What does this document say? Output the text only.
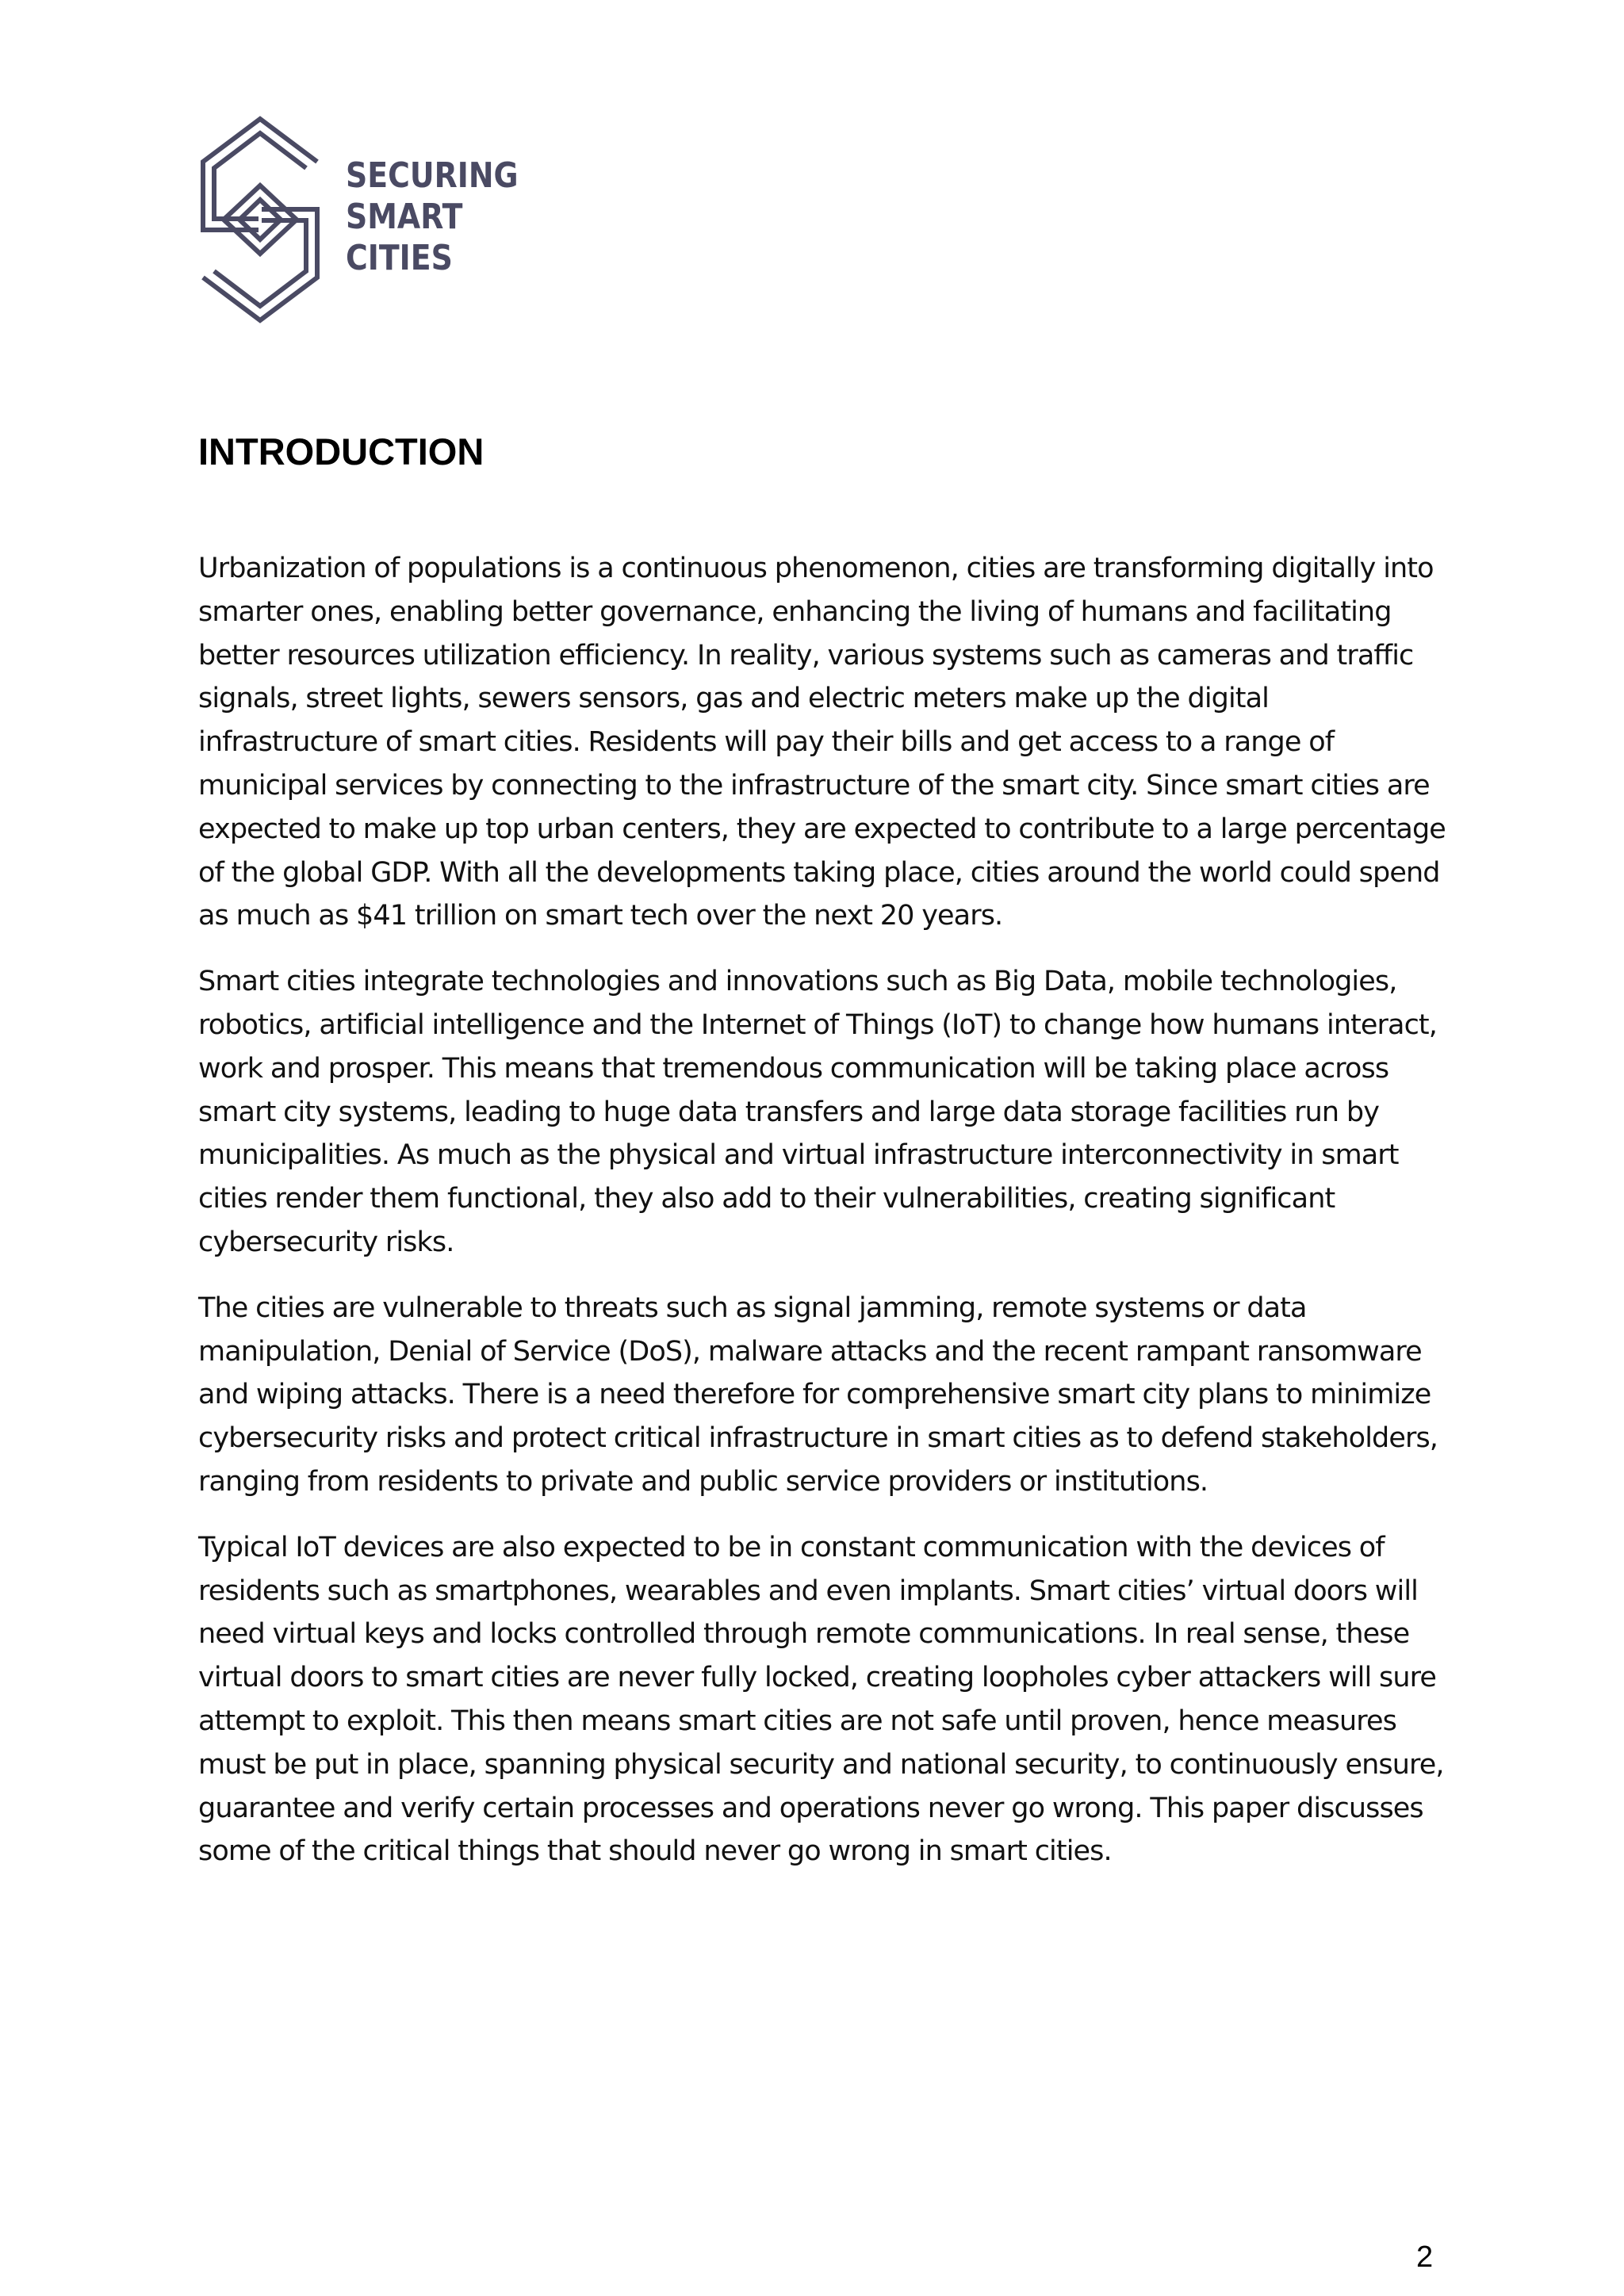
SECURING
SMART
CITIES
INTRODUCTION

Urbanization of populations is a continuous phenomenon, cities are transforming digitally into smarter ones, enabling better governance, enhancing the living of humans and facilitating better resources utilization efficiency. In reality, various systems such as cameras and traffic signals, street lights, sewers sensors, gas and electric meters make up the digital infrastructure of smart cities. Residents will pay their bills and get access to a range of municipal services by connecting to the infrastructure of the smart city. Since smart cities are expected to make up top urban centers, they are expected to contribute to a large percentage of the global GDP. With all the developments taking place, cities around the world could spend as much as $41 trillion on smart tech over the next 20 years.

Smart cities integrate technologies and innovations such as Big Data, mobile technologies, robotics, artificial intelligence and the Internet of Things (IoT) to change how humans interact, work and prosper. This means that tremendous communication will be taking place across smart city systems, leading to huge data transfers and large data storage facilities run by municipalities. As much as the physical and virtual infrastructure interconnectivity in smart cities render them functional, they also add to their vulnerabilities, creating significant cybersecurity risks.

The cities are vulnerable to threats such as signal jamming, remote systems or data manipulation, Denial of Service (DoS), malware attacks and the recent rampant ransomware and wiping attacks. There is a need therefore for comprehensive smart city plans to minimize cybersecurity risks and protect critical infrastructure in smart cities as to defend stakeholders, ranging from residents to private and public service providers or institutions.

Typical IoT devices are also expected to be in constant communication with the devices of residents such as smartphones, wearables and even implants. Smart cities’ virtual doors will need virtual keys and locks controlled through remote communications. In real sense, these virtual doors to smart cities are never fully locked, creating loopholes cyber attackers will sure attempt to exploit. This then means smart cities are not safe until proven, hence measures must be put in place, spanning physical security and national security, to continuously ensure, guarantee and verify certain processes and operations never go wrong. This paper discusses some of the critical things that should never go wrong in smart cities.

2
